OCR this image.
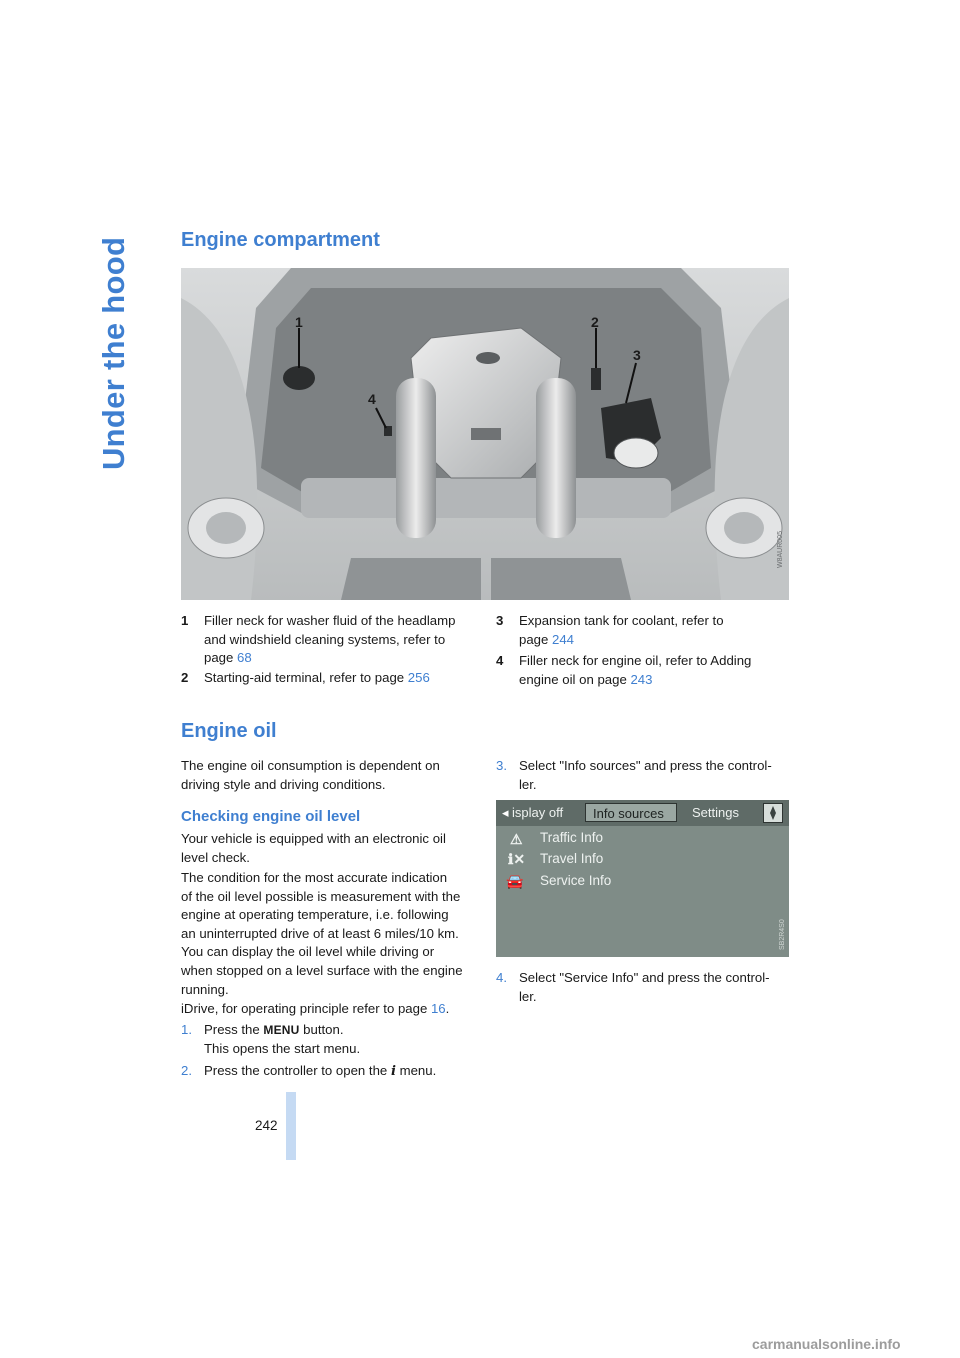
Under the hood	Engine compartment
1	2
3
4
W8AUR005
1 Filler neck for washer fluid of the headlamp
and windshield cleaning systems, refer to
page 68
2 Starting-aid terminal, refer to page 256
3 Expansion tank for coolant, refer to
page 244
4 Filler neck for engine oil, refer to Adding
engine oil on page 243
Engine oil
The engine oil consumption is dependent on
driving style and driving conditions.
Checking engine oil level
Your vehicle is equipped with an electronic oil
level check.
The condition for the most accurate indication
of the oil level possible is measurement with the
engine at operating temperature, i.e. following
an uninterrupted drive of at least 6 miles/10 km.
You can display the oil level while driving or
when stopped on a level surface with the engine
running.
iDrive, for operating principle refer to page 16.
1. Press the MENU button.
This opens the start menu.
2. Press the controller to open the i menu.
3. Select "Info sources" and press the control-
ler.
◂ isplay off Info sources Settings
⚠ Traffic Info
ℹ✕ Travel Info
🚘 Service Info
SB2R4S0
4. Select "Service Info" and press the control-
ler.
242
carmanualsonline.info
